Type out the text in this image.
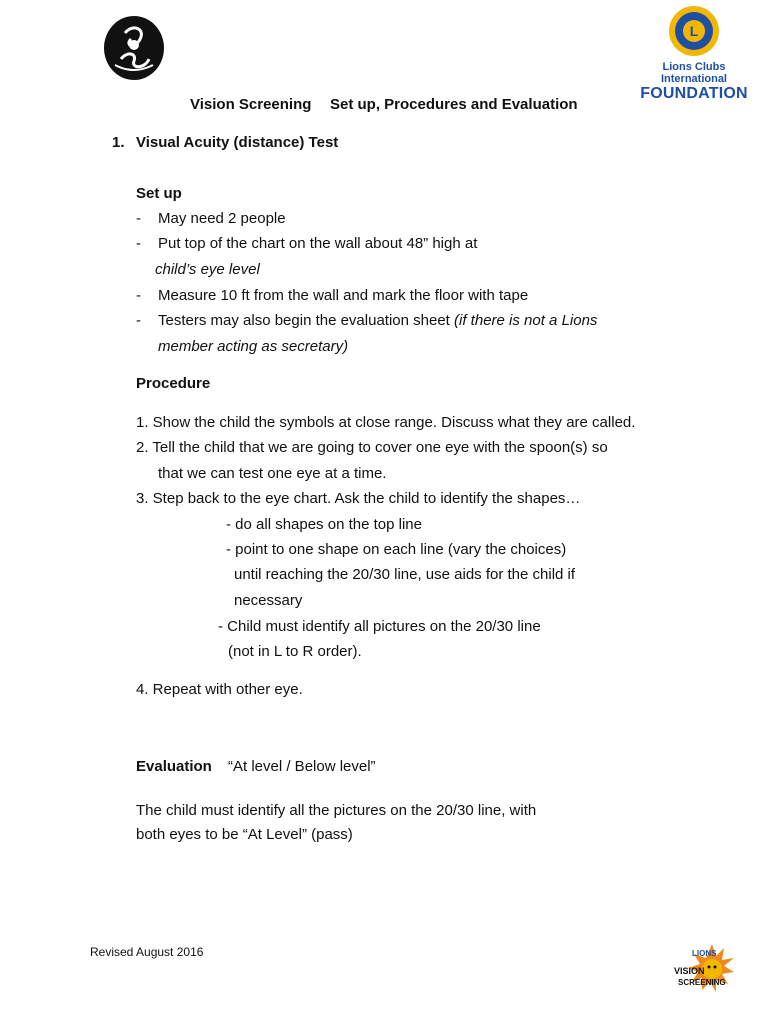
L
Lions Clubs International
FOUNDATION
Vision Screening Set up, Procedures and Evaluation
1. Visual Acuity (distance) Test
Set up
- May need 2 people
- Put top of the chart on the wall about 48” high at
child’s eye level
- Measure 10 ft from the wall and mark the floor with tape
- Testers may also begin the evaluation sheet (if there is not a Lions
member acting as secretary)
Procedure
1. Show the child the symbols at close range. Discuss what they are called.
2. Tell the child that we are going to cover one eye with the spoon(s) so
that we can test one eye at a time.
3. Step back to the eye chart. Ask the child to identify the shapes…
- do all shapes on the top line
- point to one shape on each line (vary the choices)
until reaching the 20/30 line, use aids for the child if
necessary
- Child must identify all pictures on the 20/30 line
(not in L to R order).
4. Repeat with other eye.
Evaluation “At level / Below level”
The child must identify all the pictures on the 20/30 line, with
both eyes to be “At Level” (pass)
Revised August 2016	LIONS
VISION
SCREENING
